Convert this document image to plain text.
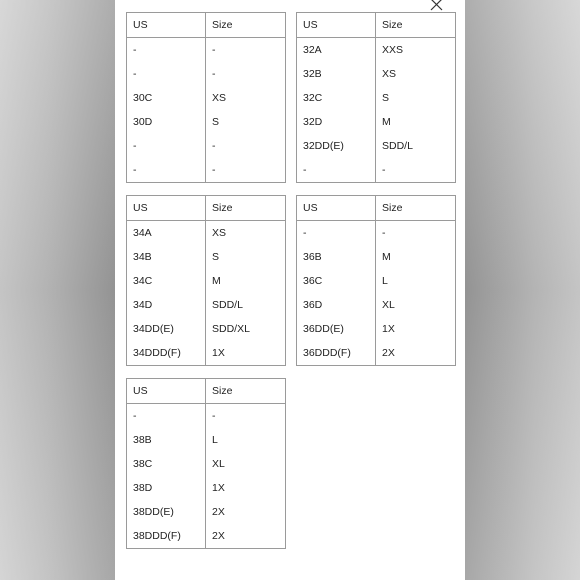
US	Size
-	-
-	-
30C	XS
30D	S
-	-
-	-
US	Size
32A	XXS
32B	XS
32C	S
32D	M
32DD(E)	SDD/L
-	-
US	Size
34A	XS
34B	S
34C	M
34D	SDD/L
34DD(E)	SDD/XL
34DDD(F)	1X
US	Size
-	-
36B	M
36C	L
36D	XL
36DD(E)	1X
36DDD(F)	2X
US	Size
-	-
38B	L
38C	XL
38D	1X
38DD(E)	2X
38DDD(F)	2X
